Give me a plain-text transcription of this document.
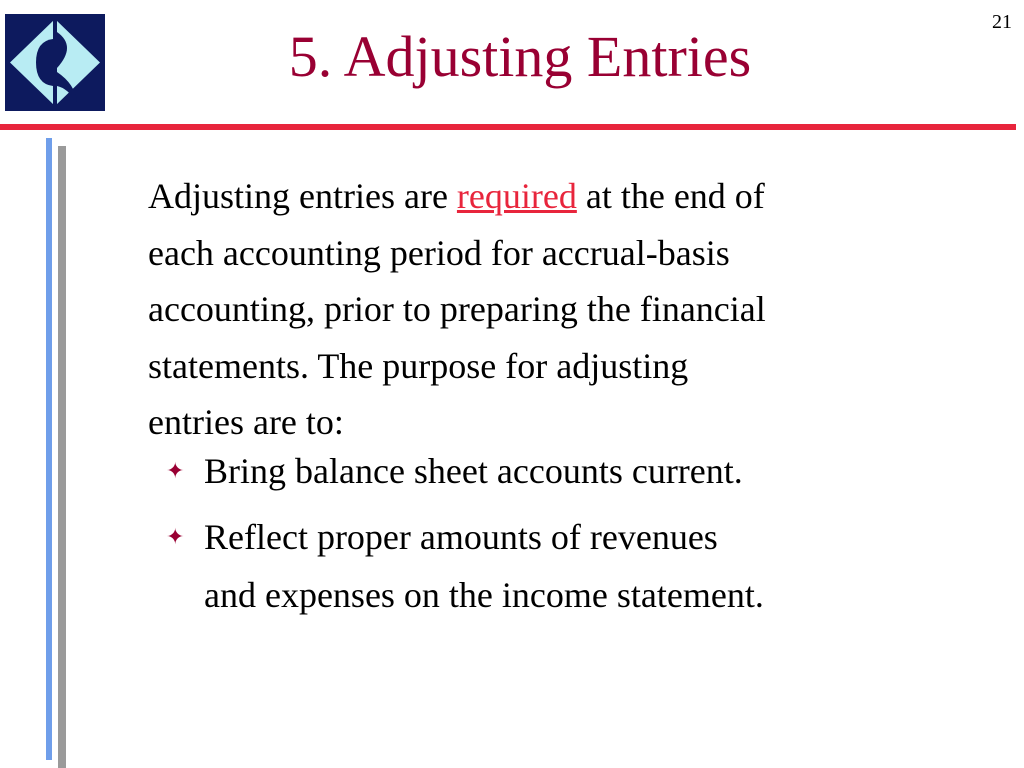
5. Adjusting Entries
21

Adjusting entries are required at the end of

each accounting period for accrual-basis

accounting, prior to preparing the financial

statements. The purpose for adjusting

entries are to:

✦ Bring balance sheet accounts current.
✦ Reflect proper amounts of revenues
and expenses on the income statement.
